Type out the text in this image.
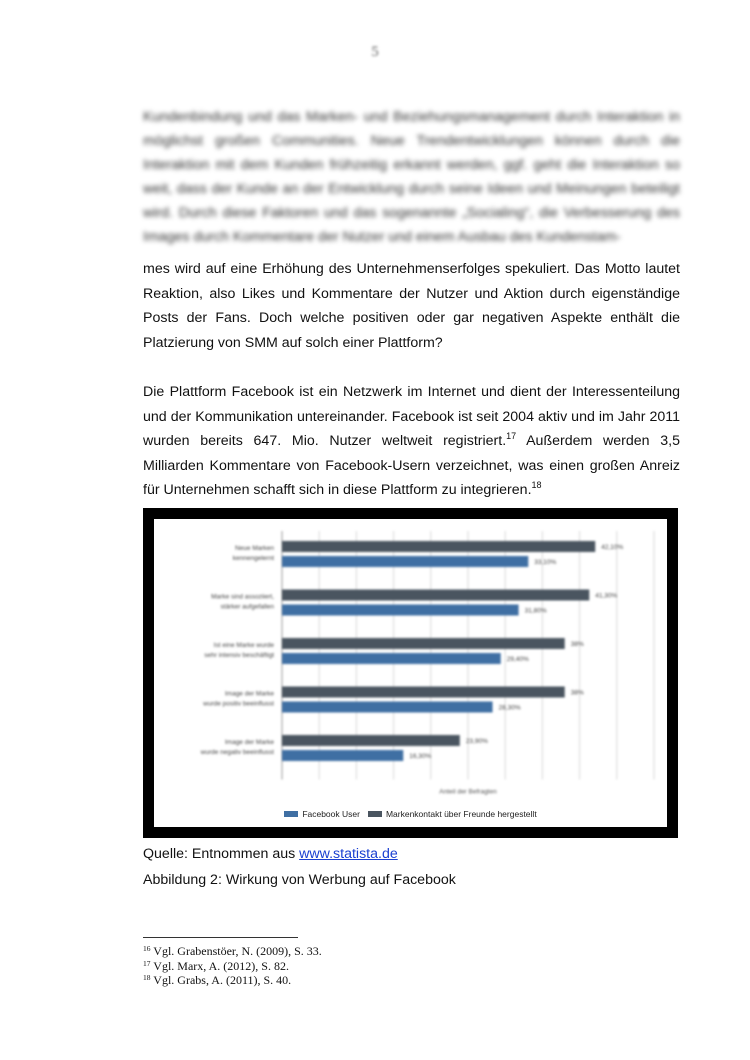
5
Kundenbindung und das Marken- und Beziehungsmanagement durch Interaktion in möglichst großen Communities. Neue Trendentwicklungen können durch die Interaktion mit dem Kunden frühzeitig erkannt werden, ggf. geht die Interaktion so weit, dass der Kunde an der Entwicklung durch seine Ideen und Meinungen beteiligt wird. Durch diese Faktoren und das sogenannte „Socialing“, die Verbesserung des Images durch Kommentare der Nutzer und einem Ausbau des Kundenstam-
mes wird auf eine Erhöhung des Unternehmenserfolges spekuliert. Das Motto lautet Reaktion, also Likes und Kommentare der Nutzer und Aktion durch eigenständige Posts der Fans. Doch welche positiven oder gar negativen Aspekte enthält die Platzierung von SMM auf solch einer Plattform?
Die Plattform Facebook ist ein Netzwerk im Internet und dient der Interessenteilung und der Kommunikation untereinander. Facebook ist seit 2004 aktiv und im Jahr 2011 wurden bereits 647. Mio. Nutzer weltweit registriert.$^{17}$ Außerdem werden 3,5 Milliarden Kommentare von Facebook-Usern verzeichnet, was einen großen Anreiz für Unternehmen schafft sich in diese Plattform zu integrieren.$^{18}$
Neue Marken
kennengelernt
42,10%
33,10%
Marke sind assoziiert,
stärker aufgefallen
41,30%
31,80%
Ist eine Marke wurde
sehr intensiv beschäftigt
38%
29,40%
Image der Marke
wurde positiv beeinflusst
38%
28,30%
Image der Marke
wurde negativ beeinflusst
23,90%
16,30%
Anteil der Befragten
Facebook User	Markenkontakt über Freunde hergestellt
Quelle: Entnommen aus www.statista.de
Abbildung 2: Wirkung von Werbung auf Facebook
$^{16}$ Vgl. Grabenstöer, N. (2009), S. 33.
$^{17}$ Vgl. Marx, A. (2012), S. 82.
$^{18}$ Vgl. Grabs, A. (2011), S. 40.
